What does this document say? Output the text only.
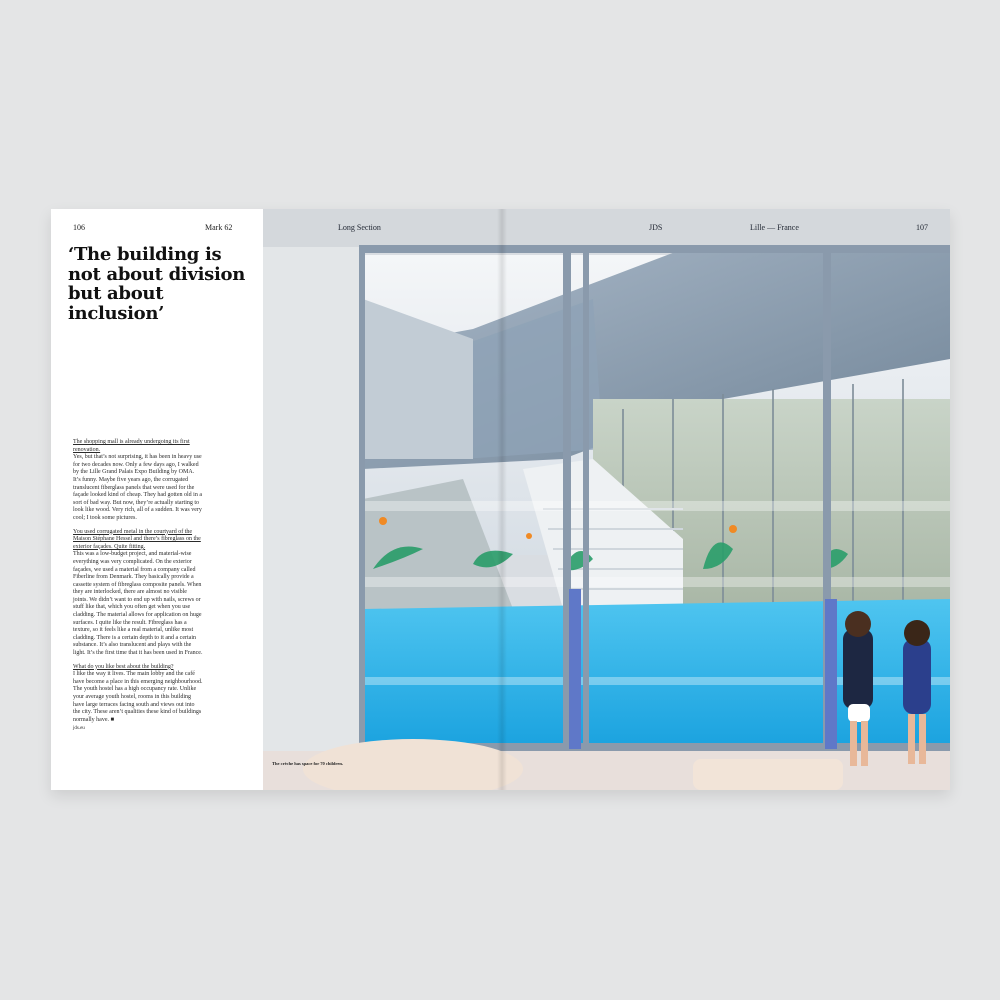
106	Mark 62
‘The building is not about division but about inclusion’

The shopping mall is already undergoing its first renovation.
Yes, but that’s not surprising, it has been in heavy use for two decades now. Only a few days ago, I walked by the Lille Grand Palais Expo Building by OMA. It’s funny. Maybe five years ago, the corrugated translucent fiberglass panels that were used for the façade looked kind of cheap. They had gotten old in a sort of bad way. But now, they’re actually starting to look like wood. Very rich, all of a sudden. It was very cool; I took some pictures.

You used corrugated metal in the courtyard of the Maison Stéphane Hessel and there’s fibreglass on the exterior façades. Quite fitting.
This was a low-budget project, and material-wise everything was very complicated. On the exterior façades, we used a material from a company called Fiberline from Denmark. They basically provide a cassette system of fibreglass composite panels. When they are interlocked, there are almost no visible joints. We didn’t want to end up with nails, screws or stuff like that, which you often get when you use cladding. The material allows for application on huge surfaces. I quite like the result. Fibreglass has a texture, so it feels like a real material, unlike most cladding. There is a certain depth to it and a certain substance. It’s also translucent and plays with the light. It’s the first time that it has been used in France.

What do you like best about the building?
I like the way it lives. The main lobby and the café have become a place in this emerging neighbourhood. The youth hostel has a high occupancy rate. Unlike your average youth hostel, rooms in this building have large terraces facing south and views out into the city. These aren’t qualities these kind of buildings normally have. ■
jds.eu

Long Section	JDS	Lille — France	107
The crèche has space for 70 children.
